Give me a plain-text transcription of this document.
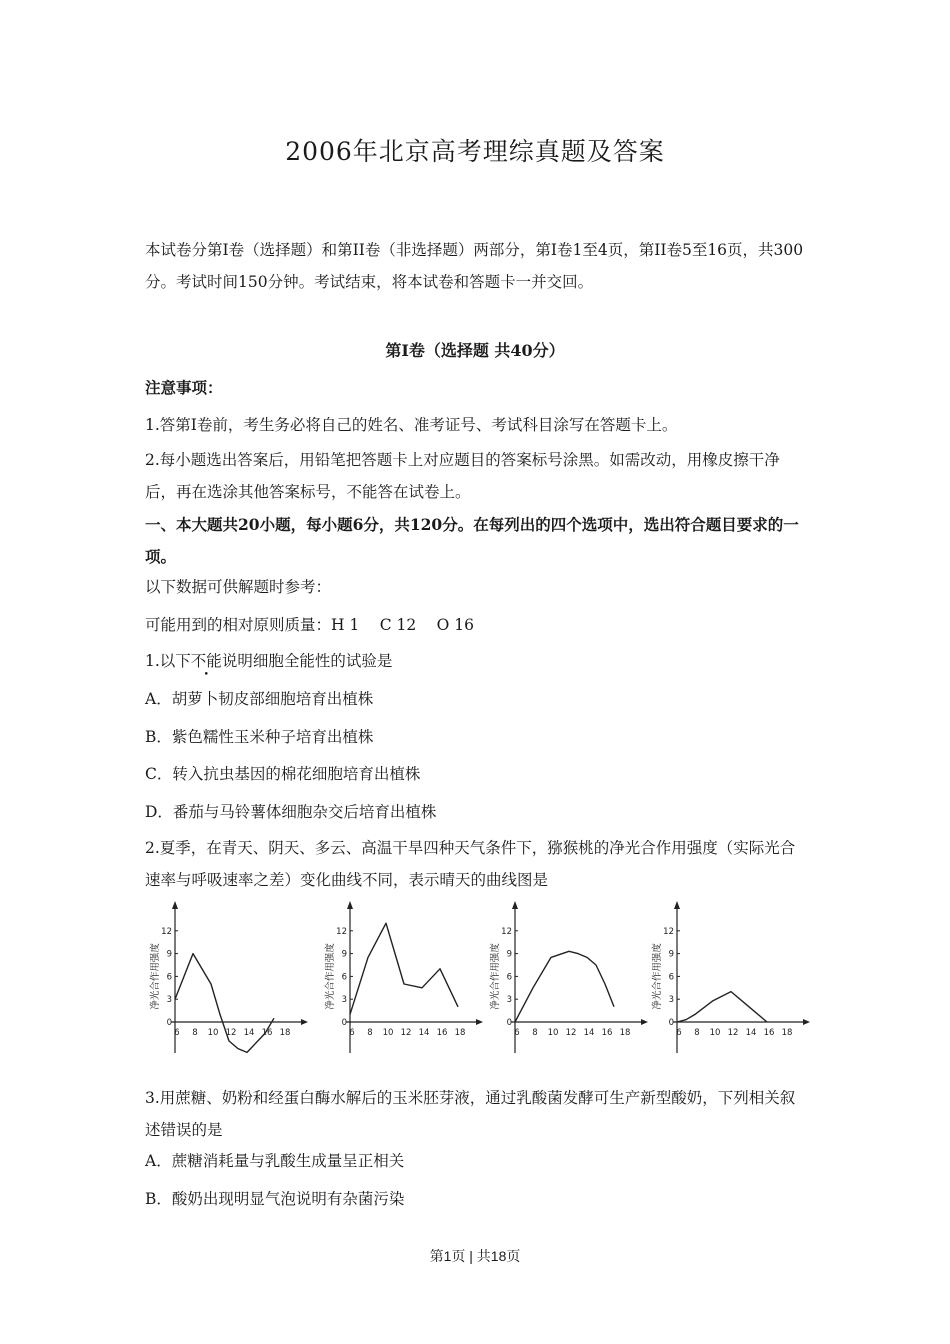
2006年北京高考理综真题及答案
本试卷分第Ⅰ卷（选择题）和第II卷（非选择题）两部分，第Ⅰ卷1至4页，第II卷5至16页，共300分。考试时间150分钟。考试结束，将本试卷和答题卡一并交回。
第Ⅰ卷（选择题 共40分）
注意事项：
1.答第Ⅰ卷前，考生务必将自己的姓名、准考证号、考试科目涂写在答题卡上。
2.每小题选出答案后，用铅笔把答题卡上对应题目的答案标号涂黑。如需改动，用橡皮擦干净后，再在选涂其他答案标号，不能答在试卷上。
一、本大题共20小题，每小题6分，共120分。在每列出的四个选项中，选出符合题目要求的一项。
以下数据可供解题时参考：
可能用到的相对原则质量：H 1　 C 12　 O 16
1.以下不能说明细胞全能性的试验是
A．胡萝卜韧皮部细胞培育出植株
B．紫色糯性玉米种子培育出植株
C．转入抗虫基因的棉花细胞培育出植株
D．番茄与马铃薯体细胞杂交后培育出植株
2.夏季，在青天、阴天、多云、高温干旱四种天气条件下，猕猴桃的净光合作用强度（实际光合速率与呼吸速率之差）变化曲线不同，表示晴天的曲线图是
0
3
6
9
12
6 8 10 12 14 16 18
净光合作用强度
0
3
6
9
12
6 8 10 12 14 16 18
净光合作用强度
0
3
6
9
12
6 8 10 12 14 16 18
净光合作用强度
0
3
6
9
12
6 8 10 12 14 16 18
净光合作用强度
3.用蔗糖、奶粉和经蛋白酶水解后的玉米胚芽液，通过乳酸菌发酵可生产新型酸奶，下列相关叙述错误的是
A．蔗糖消耗量与乳酸生成量呈正相关
B．酸奶出现明显气泡说明有杂菌污染
第1页 | 共18页
